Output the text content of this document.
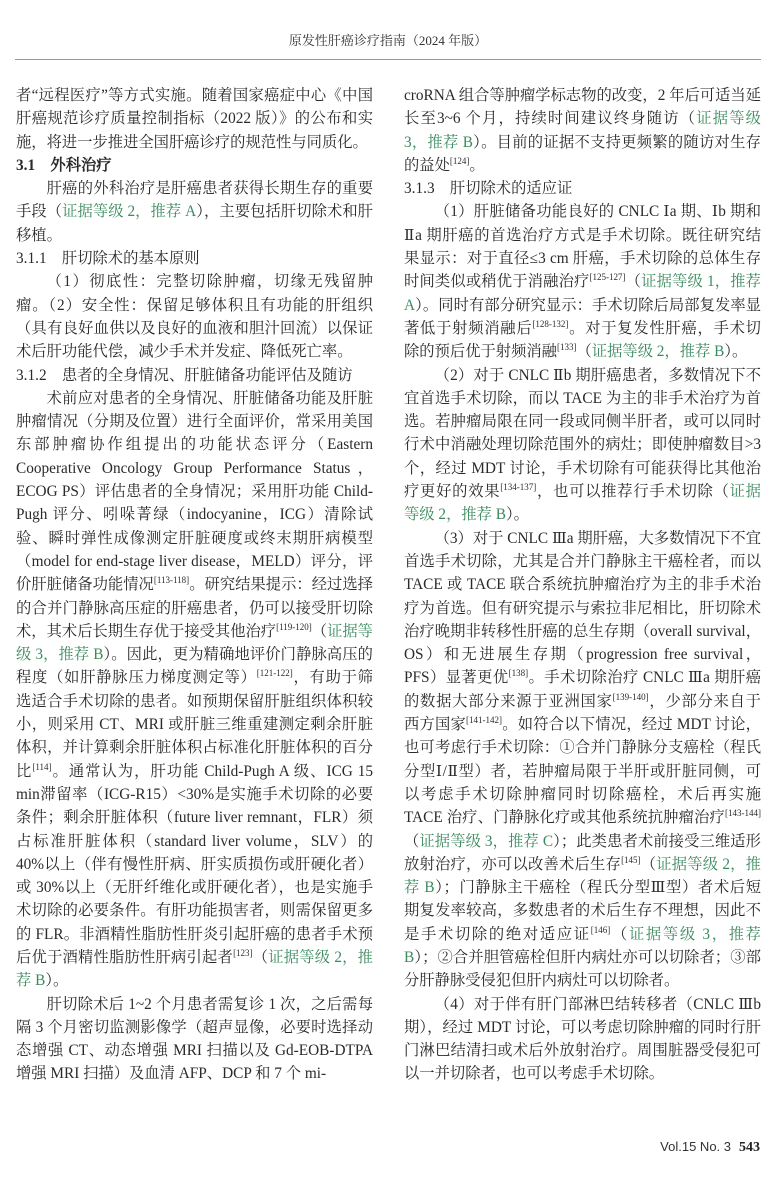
原发性肝癌诊疗指南（2024 年版）

者“远程医疗”等方式实施。随着国家癌症中心《中国肝癌规范诊疗质量控制指标（2022 版）》的公布和实施，将进一步推进全国肝癌诊疗的规范性与同质化。

3.1　外科治疗

肝癌的外科治疗是肝癌患者获得长期生存的重要手段（证据等级 2，推荐 A），主要包括肝切除术和肝移植。

3.1.1　肝切除术的基本原则

（1）彻底性：完整切除肿瘤，切缘无残留肿瘤。（2）安全性：保留足够体积且有功能的肝组织（具有良好血供以及良好的血液和胆汁回流）以保证术后肝功能代偿，减少手术并发症、降低死亡率。

3.1.2　患者的全身情况、肝脏储备功能评估及随访

术前应对患者的全身情况、肝脏储备功能及肝脏肿瘤情况（分期及位置）进行全面评价，常采用美国东部肿瘤协作组提出的功能状态评分（Eastern Cooperative Oncology Group Performance Status，ECOG PS）评估患者的全身情况；采用肝功能 Child-Pugh 评分、吲哚菁绿（indocyanine，ICG）清除试验、瞬时弹性成像测定肝脏硬度或终末期肝病模型（model for end-stage liver disease，MELD）评分，评价肝脏储备功能情况[113-118]。研究结果提示：经过选择的合并门静脉高压症的肝癌患者，仍可以接受肝切除术，其术后长期生存优于接受其他治疗[119-120]（证据等级 3，推荐 B）。因此，更为精确地评价门静脉高压的程度（如肝静脉压力梯度测定等）[121-122]，有助于筛选适合手术切除的患者。如预期保留肝脏组织体积较小，则采用 CT、MRI 或肝脏三维重建测定剩余肝脏体积，并计算剩余肝脏体积占标准化肝脏体积的百分比[114]。通常认为，肝功能 Child-Pugh A 级、ICG 15 min滞留率（ICG-R15）<30%是实施手术切除的必要条件；剩余肝脏体积（future liver remnant，FLR）须占标准肝脏体积（standard liver volume，SLV）的 40%以上（伴有慢性肝病、肝实质损伤或肝硬化者）或 30%以上（无肝纤维化或肝硬化者），也是实施手术切除的必要条件。有肝功能损害者，则需保留更多的 FLR。非酒精性脂肪性肝炎引起肝癌的患者手术预后优于酒精性脂肪性肝病引起者[123]（证据等级 2，推荐 B）。

肝切除术后 1~2 个月患者需复诊 1 次，之后需每隔 3 个月密切监测影像学（超声显像，必要时选择动态增强 CT、动态增强 MRI 扫描以及 Gd-EOB-DTPA 增强 MRI 扫描）及血清 AFP、DCP 和 7 个 mi-

croRNA 组合等肿瘤学标志物的改变，2 年后可适当延长至3~6 个月，持续时间建议终身随访（证据等级 3，推荐 B）。目前的证据不支持更频繁的随访对生存的益处[124]。

3.1.3　肝切除术的适应证

（1）肝脏储备功能良好的 CNLC Ⅰa 期、Ⅰb 期和Ⅱa 期肝癌的首选治疗方式是手术切除。既往研究结果显示：对于直径≤3 cm 肝癌，手术切除的总体生存时间类似或稍优于消融治疗[125-127]（证据等级 1，推荐 A）。同时有部分研究显示：手术切除后局部复发率显著低于射频消融后[128-132]。对于复发性肝癌，手术切除的预后优于射频消融[133]（证据等级 2，推荐 B）。

（2）对于 CNLC Ⅱb 期肝癌患者，多数情况下不宜首选手术切除，而以 TACE 为主的非手术治疗为首选。若肿瘤局限在同一段或同侧半肝者，或可以同时行术中消融处理切除范围外的病灶；即使肿瘤数目>3 个，经过 MDT 讨论，手术切除有可能获得比其他治疗更好的效果[134-137]，也可以推荐行手术切除（证据等级 2，推荐 B）。

（3）对于 CNLC Ⅲa 期肝癌，大多数情况下不宜首选手术切除，尤其是合并门静脉主干癌栓者，而以 TACE 或 TACE 联合系统抗肿瘤治疗为主的非手术治疗为首选。但有研究提示与索拉非尼相比，肝切除术治疗晚期非转移性肝癌的总生存期（overall survival，OS）和无进展生存期（progression free survival，PFS）显著更优[138]。手术切除治疗 CNLC Ⅲa 期肝癌的数据大部分来源于亚洲国家[139-140]，少部分来自于西方国家[141-142]。如符合以下情况，经过 MDT 讨论，也可考虑行手术切除：①合并门静脉分支癌栓（程氏分型Ⅰ/Ⅱ型）者，若肿瘤局限于半肝或肝脏同侧，可以考虑手术切除肿瘤同时切除癌栓，术后再实施 TACE 治疗、门静脉化疗或其他系统抗肿瘤治疗[143-144]（证据等级 3，推荐 C）；此类患者术前接受三维适形放射治疗，亦可以改善术后生存[145]（证据等级 2，推荐 B）；门静脉主干癌栓（程氏分型Ⅲ型）者术后短期复发率较高，多数患者的术后生存不理想，因此不是手术切除的绝对适应证[146]（证据等级 3，推荐 B）；②合并胆管癌栓但肝内病灶亦可以切除者；③部分肝静脉受侵犯但肝内病灶可以切除者。

（4）对于伴有肝门部淋巴结转移者（CNLC Ⅲb 期），经过 MDT 讨论，可以考虑切除肿瘤的同时行肝门淋巴结清扫或术后外放射治疗。周围脏器受侵犯可以一并切除者，也可以考虑手术切除。

Vol.15 No. 3 543
